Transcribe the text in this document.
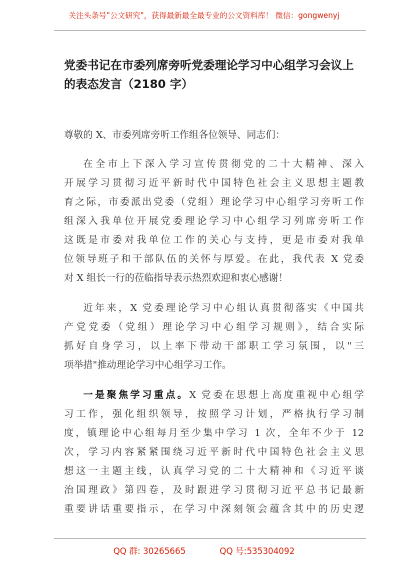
关注头条号"公文研究"，获得最新最全最专业的公文资料库！ 微信：gongwenyj
党委书记在市委列席旁听党委理论学习中心组学习会议上
的表态发言（2180 字）

尊敬的 X、市委列席旁听工作组各位领导、同志们：

在全市上下深入学习宣传贯彻党的二十大精神、深入
开展学习贯彻习近平新时代中国特色社会主义思想主题教
育之际，市委派出党委（党组）理论学习中心组学习旁听工作
组深入我单位开展党委理论学习中心组学习列席旁听工作
这既是市委对我单位工作的关心与支持，更是市委对我单
位领导班子和干部队伍的关怀与厚爱。在此，我代表 X 党委
对 X 组长一行的莅临指导表示热烈欢迎和衷心感谢！

近年来，X 党委理论学习中心组认真贯彻落实《中国共
产党党委（党组）理论学习中心组学习规则》，结合实际
抓好自身学习，以上率下带动干部职工学习氛围，以"三
项举措"推动理论学习中心组学习工作。

一是聚焦学习重点。X 党委在思想上高度重视中心组学
习工作，强化组织领导，按照学习计划，严格执行学习制
度，镇理论中心组每月至少集中学习 1 次，全年不少于 12
次，学习内容紧紧围绕习近平新时代中国特色社会主义思
想这一主题主线，认真学习党的二十大精神和《习近平谈
治国理政》第四卷，及时跟进学习贯彻习近平总书记最新
重要讲话重要指示，在学习中深刻领会蕴含其中的历史逻

QQ 群: 30265665	QQ 号:535304092
